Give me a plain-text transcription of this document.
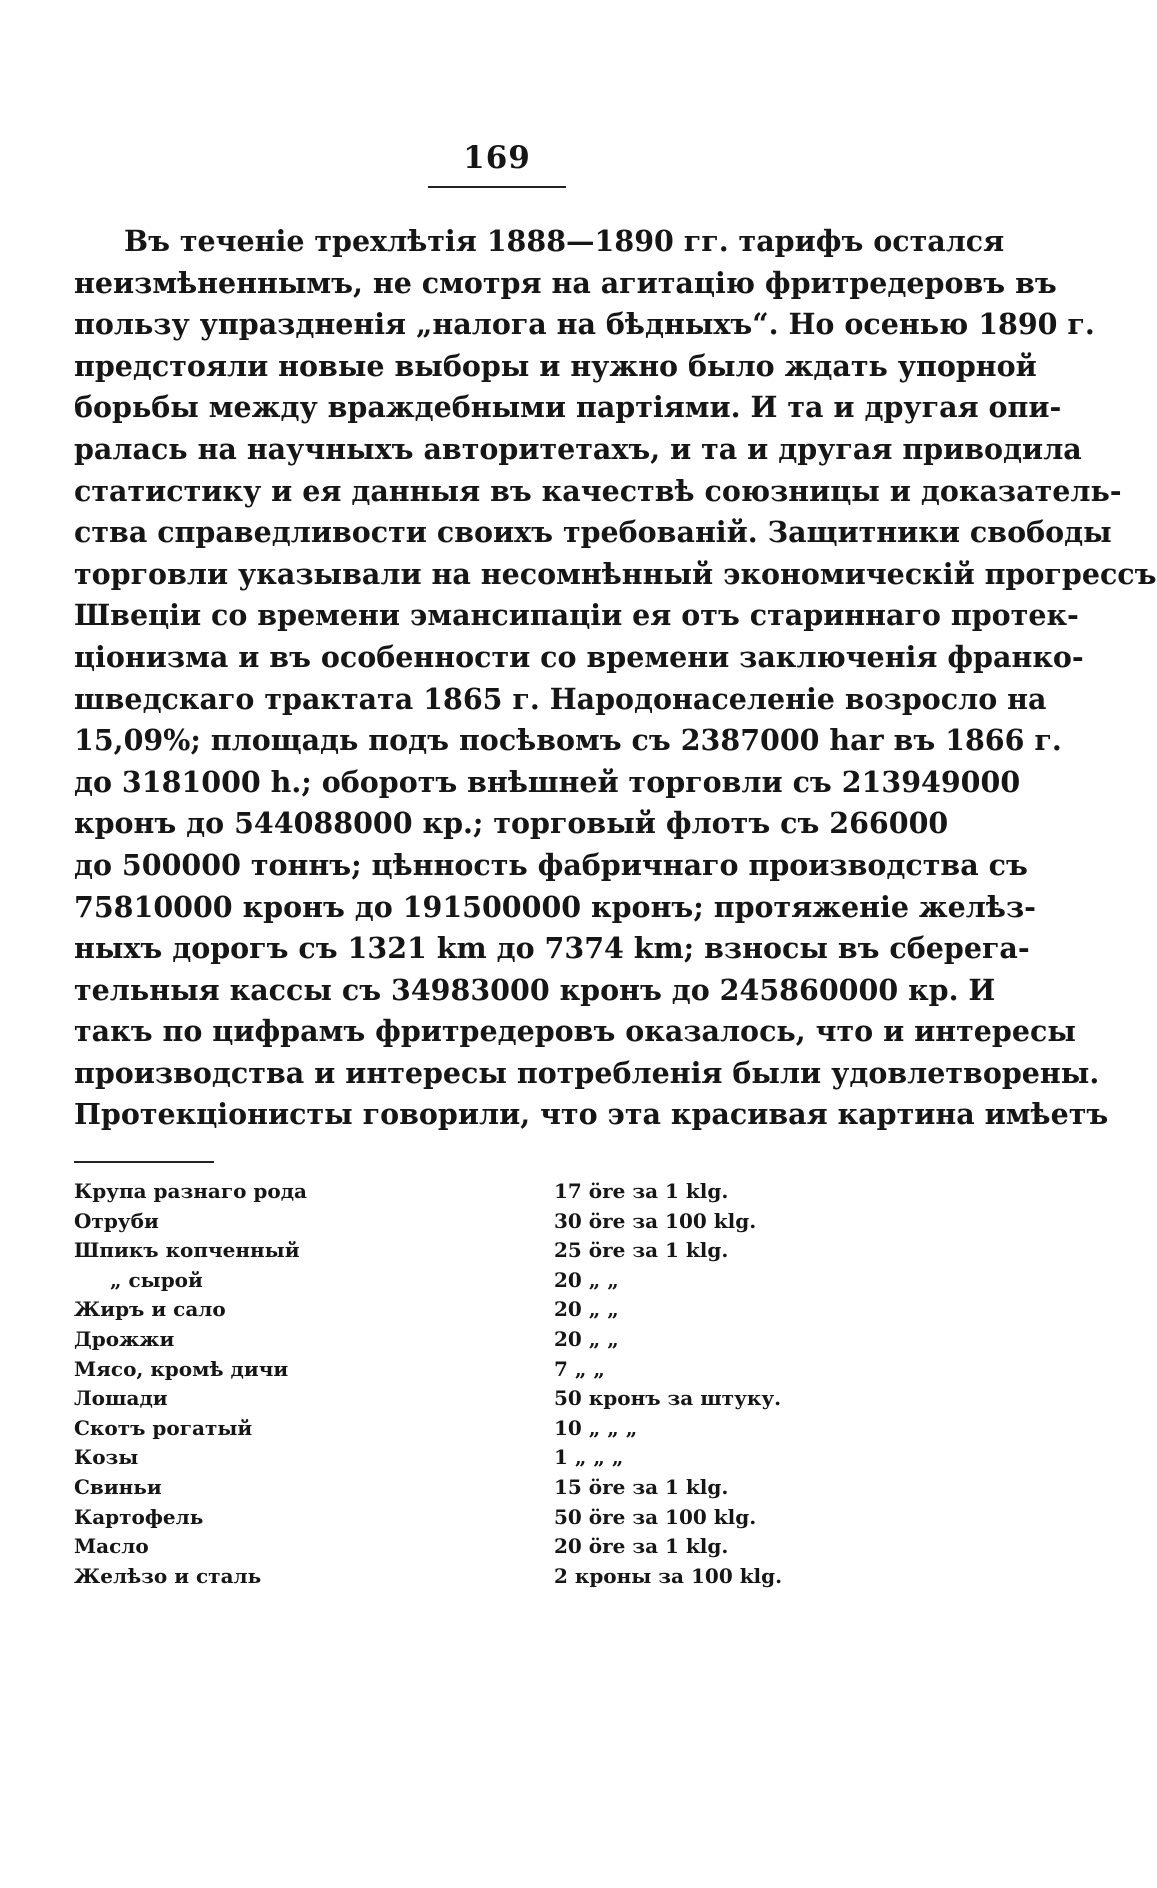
169
Въ теченіе трехлѣтія 1888—1890 гг. тарифъ остался
неизмѣненнымъ, не смотря на агитацію фритредеровъ въ
пользу упраздненія „налога на бѣдныхъ“. Но осенью 1890 г.
предстояли новые выборы и нужно было ждать упорной
борьбы между враждебными партіями. И та и другая опи-
ралась на научныхъ авторитетахъ, и та и другая приводила
статистику и ея данныя въ качествѣ союзницы и доказатель-
ства справедливости своихъ требованій. Защитники свободы
торговли указывали на несомнѣнный экономическій прогрессъ
Швеціи со времени эмансипаціи ея отъ стариннаго протек-
ціонизма и въ особенности со времени заключенія франко-
шведскаго трактата 1865 г. Народонаселеніе возросло на
15,09%; площадь подъ посѣвомъ съ 2387000 har въ 1866 г.
до 3181000 h.; оборотъ внѣшней торговли съ 213949000
кронъ до 544088000 кр.; торговый флотъ съ 266000
до 500000 тоннъ; цѣнность фабричнаго производства съ
75810000 кронъ до 191500000 кронъ; протяженіе желѣз-
ныхъ дорогъ съ 1321 km до 7374 km; взносы въ сберега-
тельныя кассы съ 34983000 кронъ до 245860000 кр. И
такъ по цифрамъ фритредеровъ оказалось, что и интересы
производства и интересы потребленія были удовлетворены.
Протекціонисты говорили, что эта красивая картина имѣетъ
Крупа разнаго рода	17 öre за 1 klg.
Отруби	30 öre за 100 klg.
Шпикъ копченный	25 öre за 1 klg.
„ сырой	20 „ „
Жиръ и сало	20 „ „
Дрожжи	20 „ „
Мясо, кромѣ дичи	7 „ „
Лошади	50 кронъ за штуку.
Скотъ рогатый	10 „ „ „
Козы	1 „ „ „
Свиньи	15 öre за 1 klg.
Картофель	50 öre за 100 klg.
Масло	20 öre за 1 klg.
Желѣзо и сталь	2 кроны за 100 klg.
